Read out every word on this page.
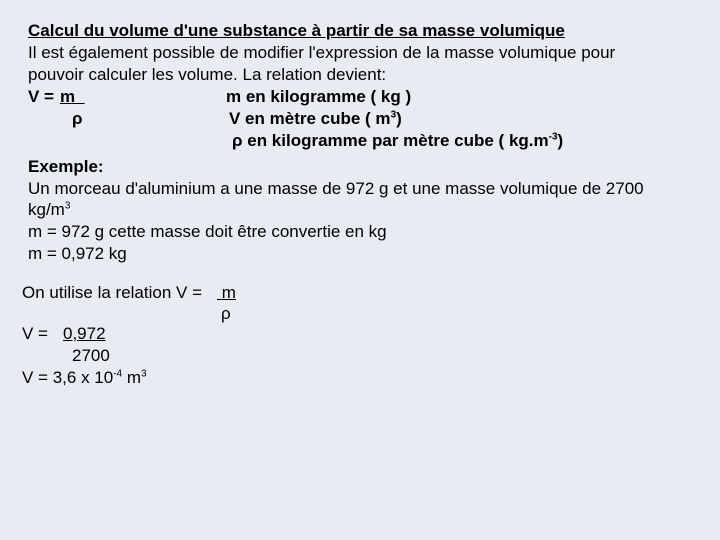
Calcul du volume d'une substance à partir de sa masse volumique
Il est également possible de modifier l'expression de la masse volumique pour
pouvoir calculer les volume. La relation devient:
V = m
ρ
m en kilogramme ( kg )
V en mètre cube ( $m^3$)
ρ en kilogramme par mètre cube ( $kg.m^{-3}$)
Exemple:
Un morceau d'aluminium a une masse de 972 g et une masse volumique de 2700
$kg/m^3$
m = 972 g cette masse doit être convertie en kg
m = 0,972 kg
On utilise la relation V = m
ρ
V = 0,972
2700
V = 3,6 x $10^{-4}$ $m^3$
